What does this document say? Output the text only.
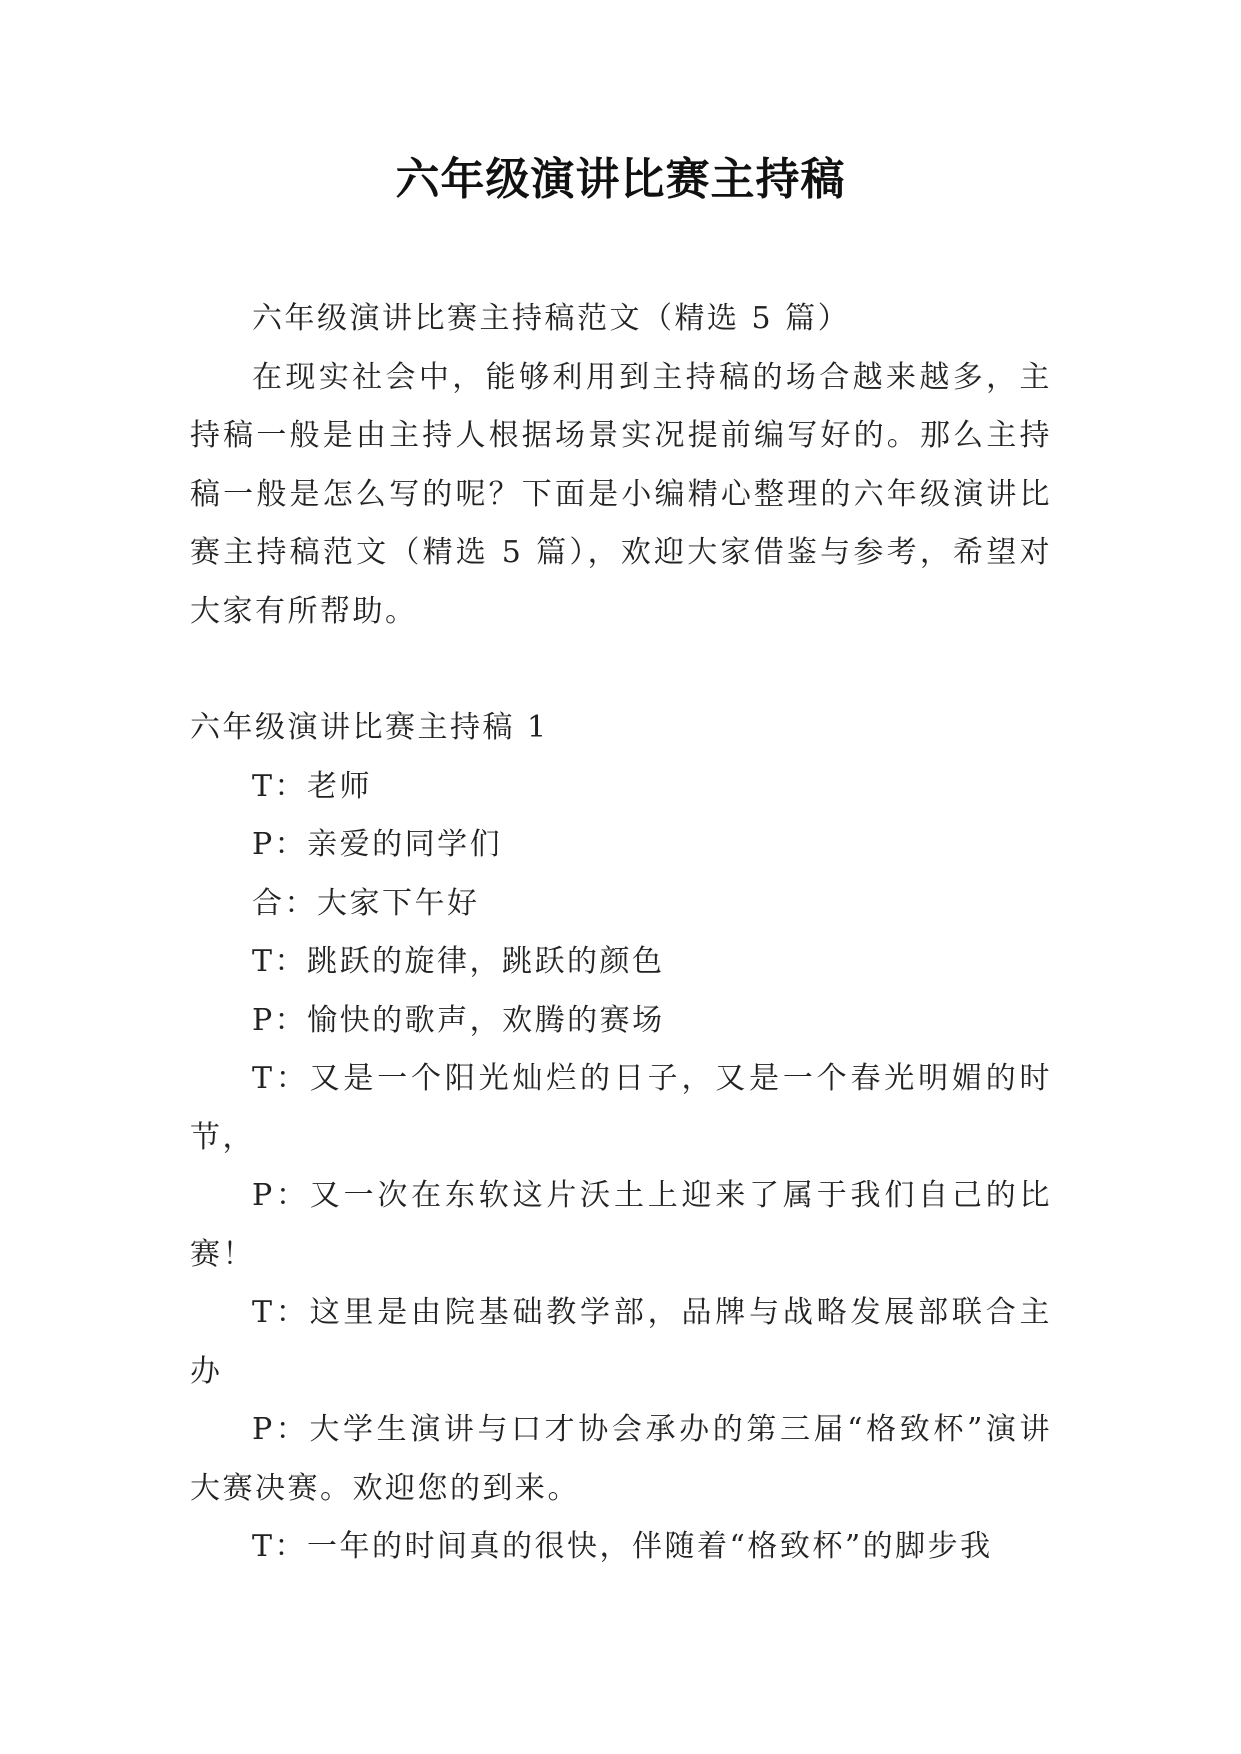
六年级演讲比赛主持稿

六年级演讲比赛主持稿范文（精选 5 篇）

在现实社会中，能够利用到主持稿的场合越来越多，主持稿一般是由主持人根据场景实况提前编写好的。那么主持稿一般是怎么写的呢？下面是小编精心整理的六年级演讲比赛主持稿范文（精选 5 篇），欢迎大家借鉴与参考，希望对大家有所帮助。

六年级演讲比赛主持稿 1

T：老师

P：亲爱的同学们

合：大家下午好

T：跳跃的旋律，跳跃的颜色

P：愉快的歌声，欢腾的赛场

T：又是一个阳光灿烂的日子，又是一个春光明媚的时节，

P：又一次在东软这片沃土上迎来了属于我们自己的比赛！

T：这里是由院基础教学部，品牌与战略发展部联合主办

P：大学生演讲与口才协会承办的第三届“格致杯”演讲大赛决赛。欢迎您的到来。

T：一年的时间真的很快，伴随着“格致杯”的脚步我
